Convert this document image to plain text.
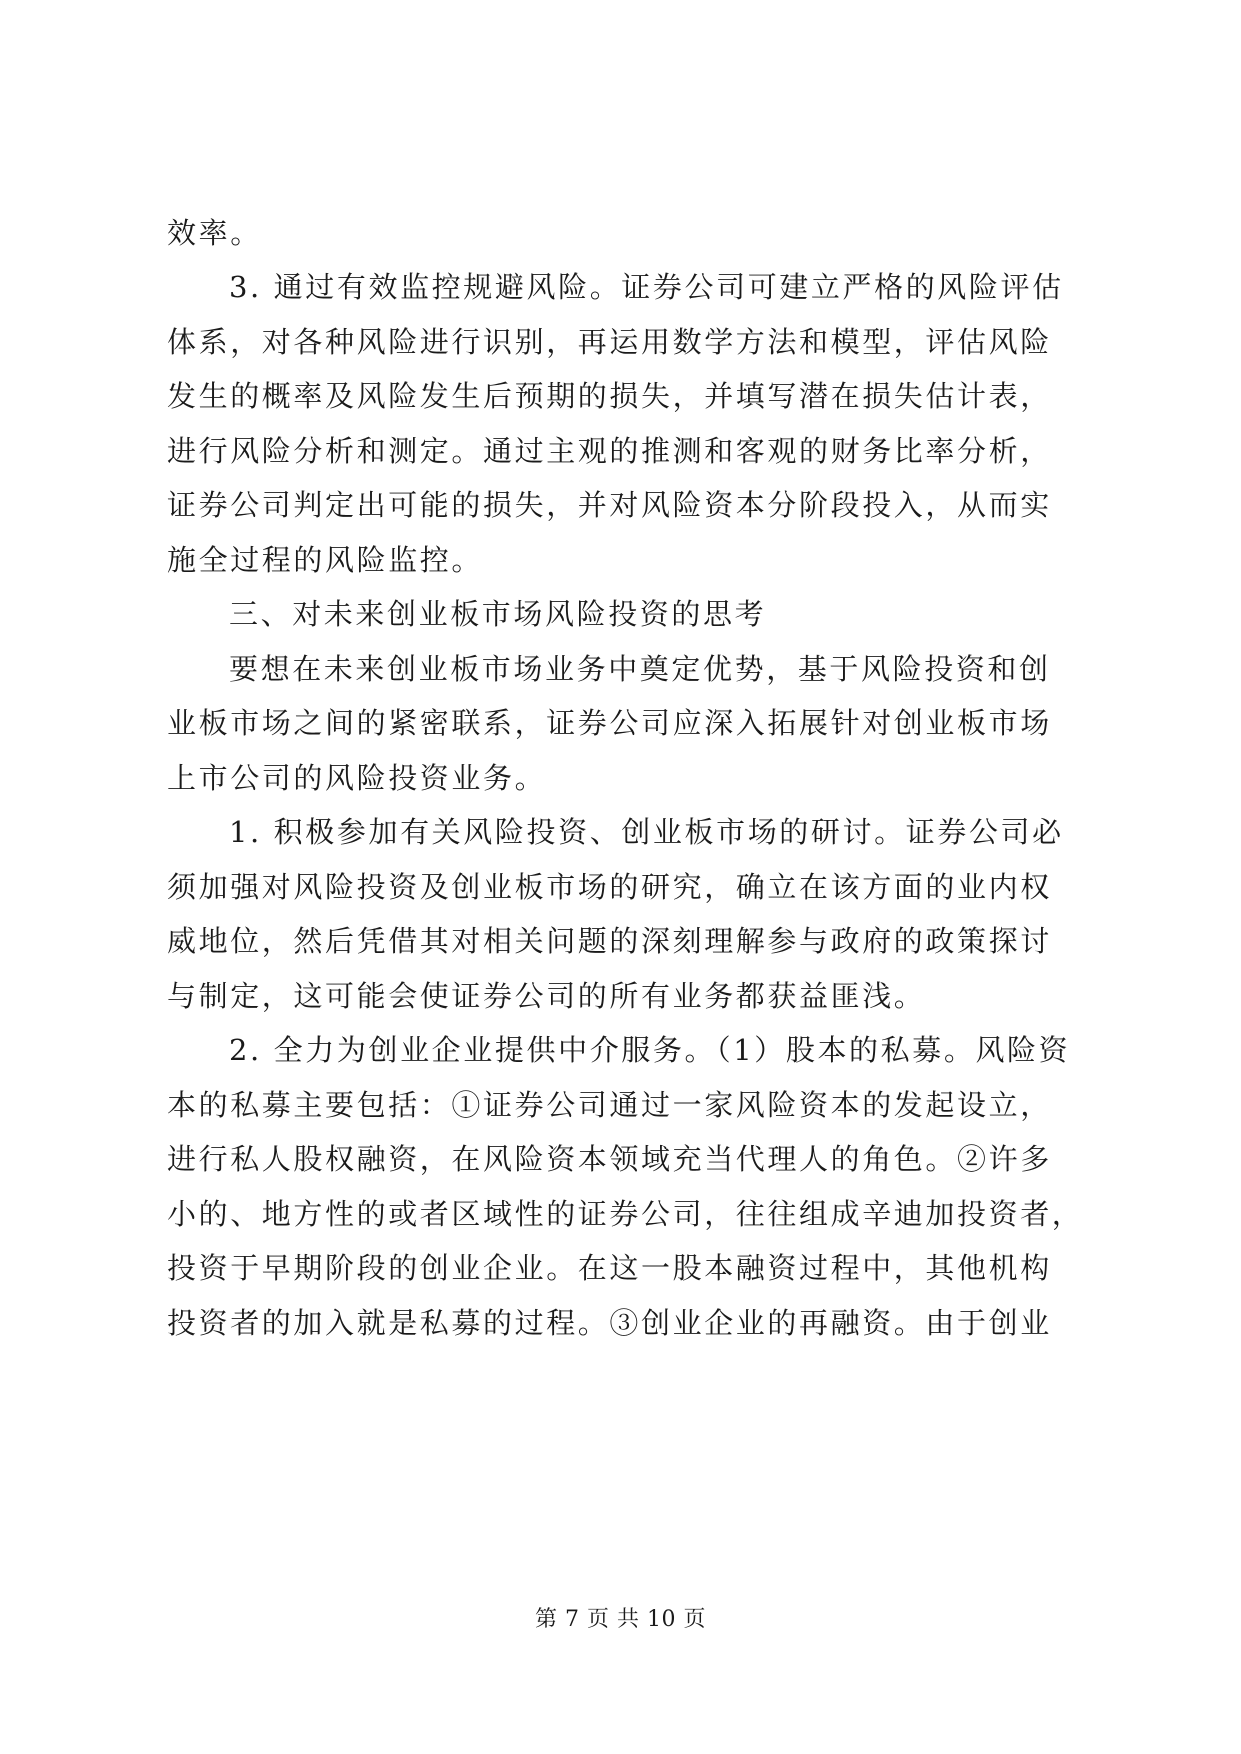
效率。
3. 通过有效监控规避风险。证券公司可建立严格的风险评估
体系，对各种风险进行识别，再运用数学方法和模型，评估风险
发生的概率及风险发生后预期的损失，并填写潜在损失估计表，
进行风险分析和测定。通过主观的推测和客观的财务比率分析，
证券公司判定出可能的损失，并对风险资本分阶段投入，从而实
施全过程的风险监控。
三、对未来创业板市场风险投资的思考
要想在未来创业板市场业务中奠定优势，基于风险投资和创
业板市场之间的紧密联系，证券公司应深入拓展针对创业板市场
上市公司的风险投资业务。
1. 积极参加有关风险投资、创业板市场的研讨。证券公司必
须加强对风险投资及创业板市场的研究，确立在该方面的业内权
威地位，然后凭借其对相关问题的深刻理解参与政府的政策探讨
与制定，这可能会使证券公司的所有业务都获益匪浅。
2. 全力为创业企业提供中介服务。（1）股本的私募。风险资
本的私募主要包括：①证券公司通过一家风险资本的发起设立，
进行私人股权融资，在风险资本领域充当代理人的角色。②许多
小的、地方性的或者区域性的证券公司，往往组成辛迪加投资者，
投资于早期阶段的创业企业。在这一股本融资过程中，其他机构
投资者的加入就是私募的过程。③创业企业的再融资。由于创业
第 7 页 共 10 页
